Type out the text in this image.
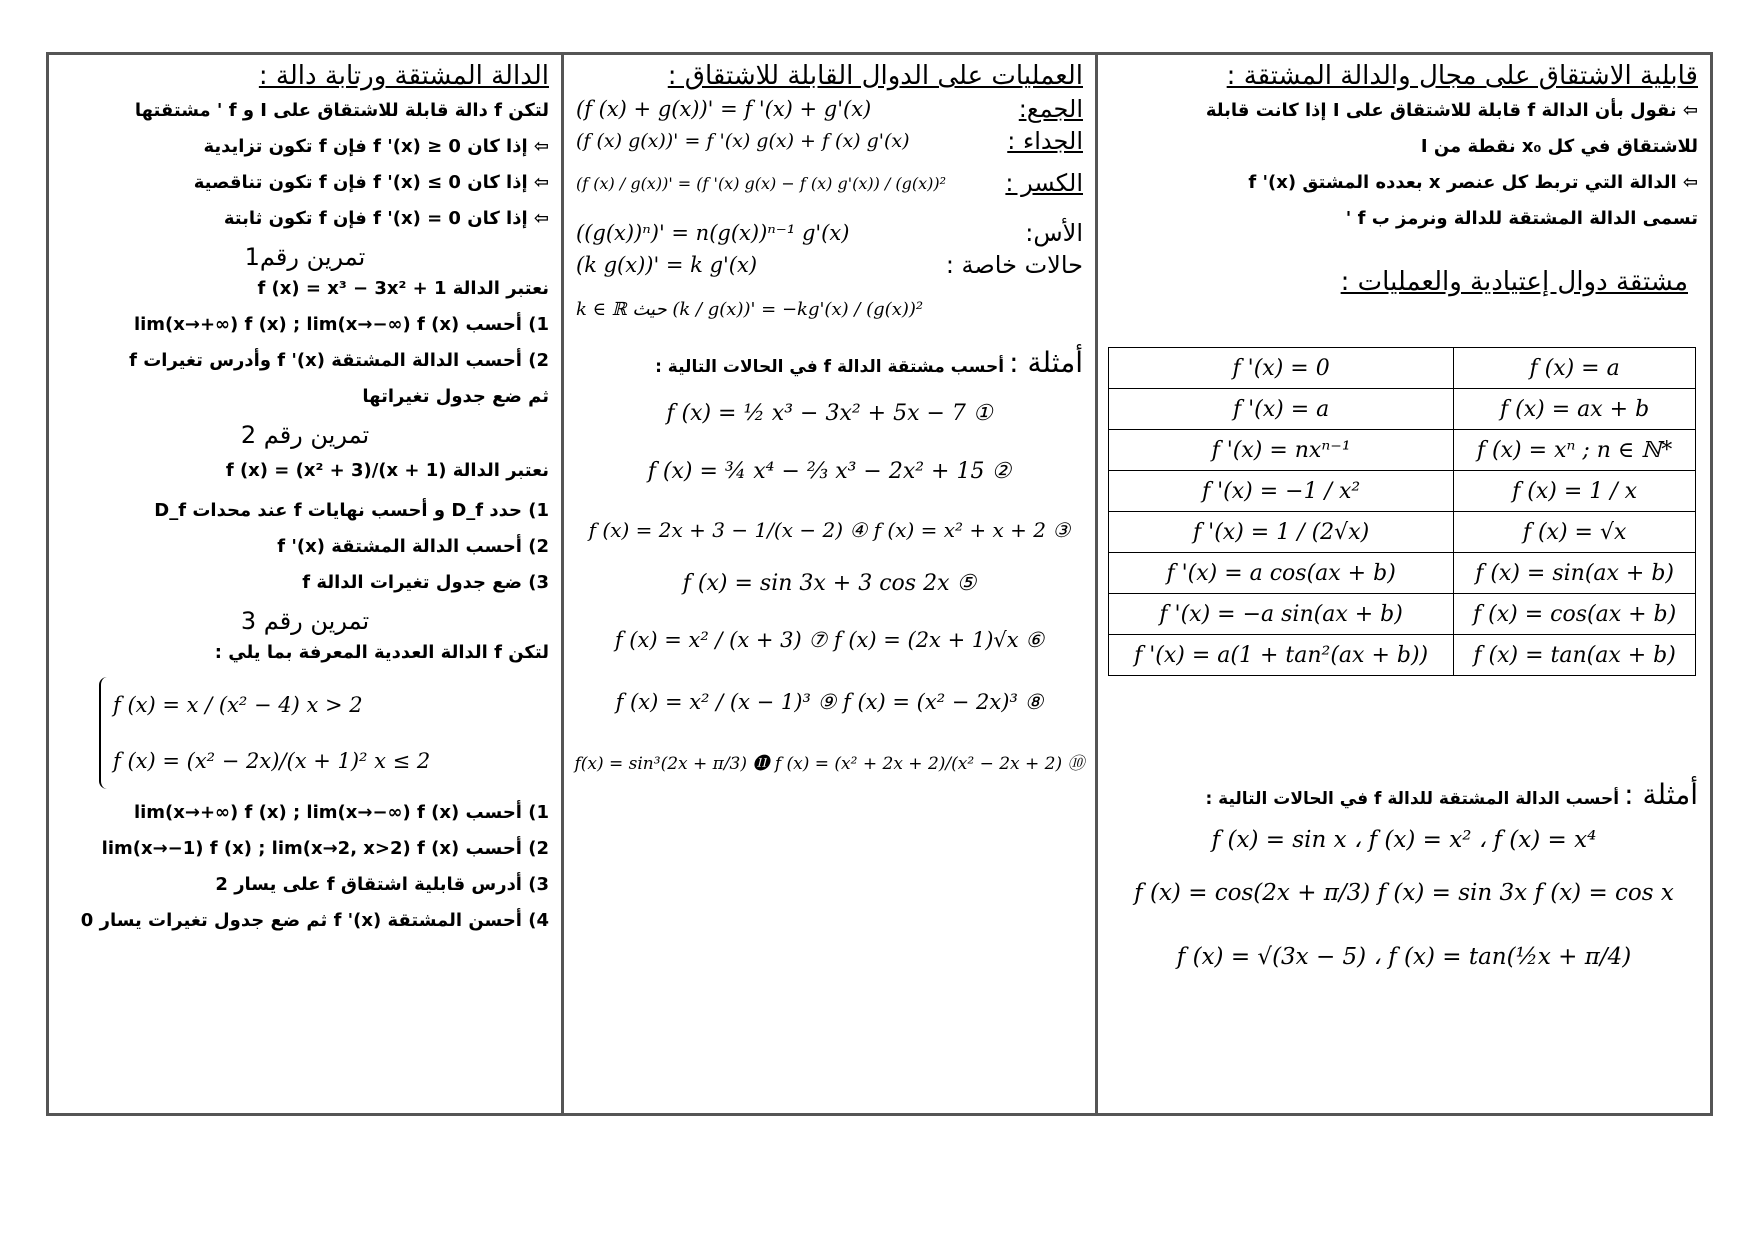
قابلية الاشتقاق على مجال والدالة المشتقة :
⇦ نقول بأن الدالة f قابلة للاشتقاق على I إذا كانت قابلة
للاشتقاق في كل x₀ نقطة من I
⇦ الدالة التي تربط كل عنصر x بعدده المشتق f '(x)
تسمى الدالة المشتقة للدالة ونرمز ب f '
مشتقة دوال إعتيادية والعمليات :
f '(x) = 0	f (x) = a
f '(x) = a	f (x) = ax + b
f '(x) = nxⁿ⁻¹	f (x) = xⁿ ; n ∈ ℕ*
f '(x) = −1 / x²	f (x) = 1 / x
f '(x) = 1 / (2√x)	f (x) = √x
f '(x) = a cos(ax + b)	f (x) = sin(ax + b)
f '(x) = −a sin(ax + b)	f (x) = cos(ax + b)
f '(x) = a(1 + tan²(ax + b))	f (x) = tan(ax + b)
أمثلة : أحسب الدالة المشتقة للدالة f في الحالات التالية :
f (x) = sin x ، f (x) = x² ، f (x) = x⁴
f (x) = cos(2x + π/3) f (x) = sin 3x f (x) = cos x
f (x) = √(3x − 5) ، f (x) = tan(½x + π/4)
العمليات على الدوال القابلة للاشتقاق :
الجمع:
(f (x) + g(x))' = f '(x) + g'(x)
الجداء :
(f (x) g(x))' = f '(x) g(x) + f (x) g'(x)
الكسر :
(f (x) / g(x))' = (f '(x) g(x) − f (x) g'(x)) / (g(x))²
الأس:
((g(x))ⁿ)' = n(g(x))ⁿ⁻¹ g'(x)
حالات خاصة :
(k g(x))' = k g'(x)
k ∈ ℝ حيث (k / g(x))' = −kg'(x) / (g(x))²
أمثلة : أحسب مشتقة الدالة f في الحالات التالية :
f (x) = ½ x³ − 3x² + 5x − 7 ①
f (x) = ¾ x⁴ − ⅔ x³ − 2x² + 15 ②
f (x) = 2x + 3 − 1/(x − 2) ④ f (x) = x² + x + 2 ③
f (x) = sin 3x + 3 cos 2x ⑤
f (x) = x² / (x + 3) ⑦ f (x) = (2x + 1)√x ⑥
f (x) = x² / (x − 1)³ ⑨ f (x) = (x² − 2x)³ ⑧
f(x) = sin³(2x + π/3) ⓫ f (x) = (x² + 2x + 2)/(x² − 2x + 2) ⑩
الدالة المشتقة ورتابة دالة :
لتكن f دالة قابلة للاشتقاق على I و f ' مشتقتها
⇦ إذا كان f '(x) ≥ 0 فإن f تكون تزايدية
⇦ إذا كان f '(x) ≤ 0 فإن f تكون تناقصية
⇦ إذا كان f '(x) = 0 فإن f تكون ثابتة
تمرين رقم1
نعتبر الدالة f (x) = x³ − 3x² + 1
1) أحسب lim(x→+∞) f (x) ; lim(x→−∞) f (x)
2) أحسب الدالة المشتقة f '(x) وأدرس تغيرات f
ثم ضع جدول تغيراتها
تمرين رقم 2
نعتبر الدالة f (x) = (x² + 3)/(x + 1)
1) حدد D_f و أحسب نهايات f عند محدات D_f
2) أحسب الدالة المشتقة f '(x)
3) ضع جدول تغيرات الدالة f
تمرين رقم 3
لتكن f الدالة العددية المعرفة بما يلي :
f (x) = x / (x² − 4) x > 2
f (x) = (x² − 2x)/(x + 1)² x ≤ 2
1) أحسب lim(x→+∞) f (x) ; lim(x→−∞) f (x)
2) أحسب lim(x→−1) f (x) ; lim(x→2, x>2) f (x)
3) أدرس قابلية اشتقاق f على يسار 2
4) أحسن المشتقة f '(x) ثم ضع جدول تغيرات يسار 0
